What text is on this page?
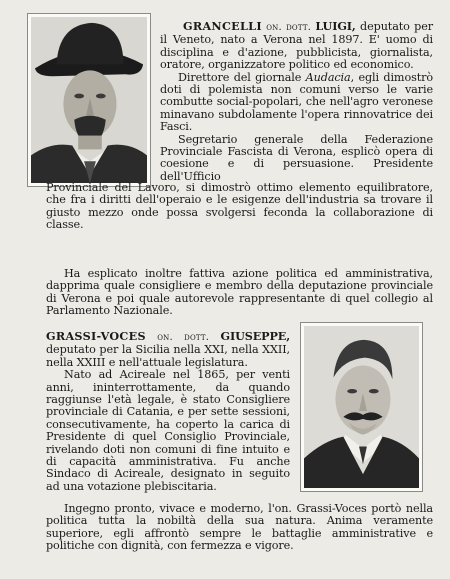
GRANCELLI on. dott. LUIGI, deputato per il Veneto, nato a Verona nel 1897. E' uomo di disciplina e d'azione, pubblicista, giornalista, oratore, organizzatore politico ed economico.

Direttore del giornale Audacia, egli dimostrò doti di polemista non comuni verso le varie combutte social-popolari, che nell'agro veronese minavano subdolamente l'opera rinnovatrice dei Fasci.

Segretario generale della Federazione Provinciale Fascista di Verona, esplicò opera di coesione e di persuasione. Presidente dell'Ufficio

Provinciale del Lavoro, si dimostrò ottimo elemento equilibratore, che fra i diritti dell'operaio e le esigenze dell'industria sa trovare il giusto mezzo onde possa svolgersi feconda la collaborazione di classe.

Ha esplicato inoltre fattiva azione politica ed amministrativa, dapprima quale consigliere e membro della deputazione provinciale di Verona e poi quale autorevole rappresentante di quel collegio al Parlamento Nazionale.

GRASSI-VOCES on. dott. GIUSEPPE, deputato per la Sicilia nella XXI, nella XXII, nella XXIII e nell'attuale legislatura.

Nato ad Acireale nel 1865, per venti anni, ininterrottamente, da quando raggiunse l'età legale, è stato Consigliere provinciale di Catania, e per sette sessioni, consecutivamente, ha coperto la carica di Presidente di quel Consiglio Provinciale, rivelando doti non comuni di fine intuito e di capacità amministrativa. Fu anche Sindaco di Acireale, designato in seguito ad una votazione plebiscitaria.

Ingegno pronto, vivace e moderno, l'on. Grassi-Voces portò nella politica tutta la nobiltà della sua natura. Anima veramente superiore, egli affrontò sempre le battaglie amministrative e politiche con dignità, con fermezza e vigore.
